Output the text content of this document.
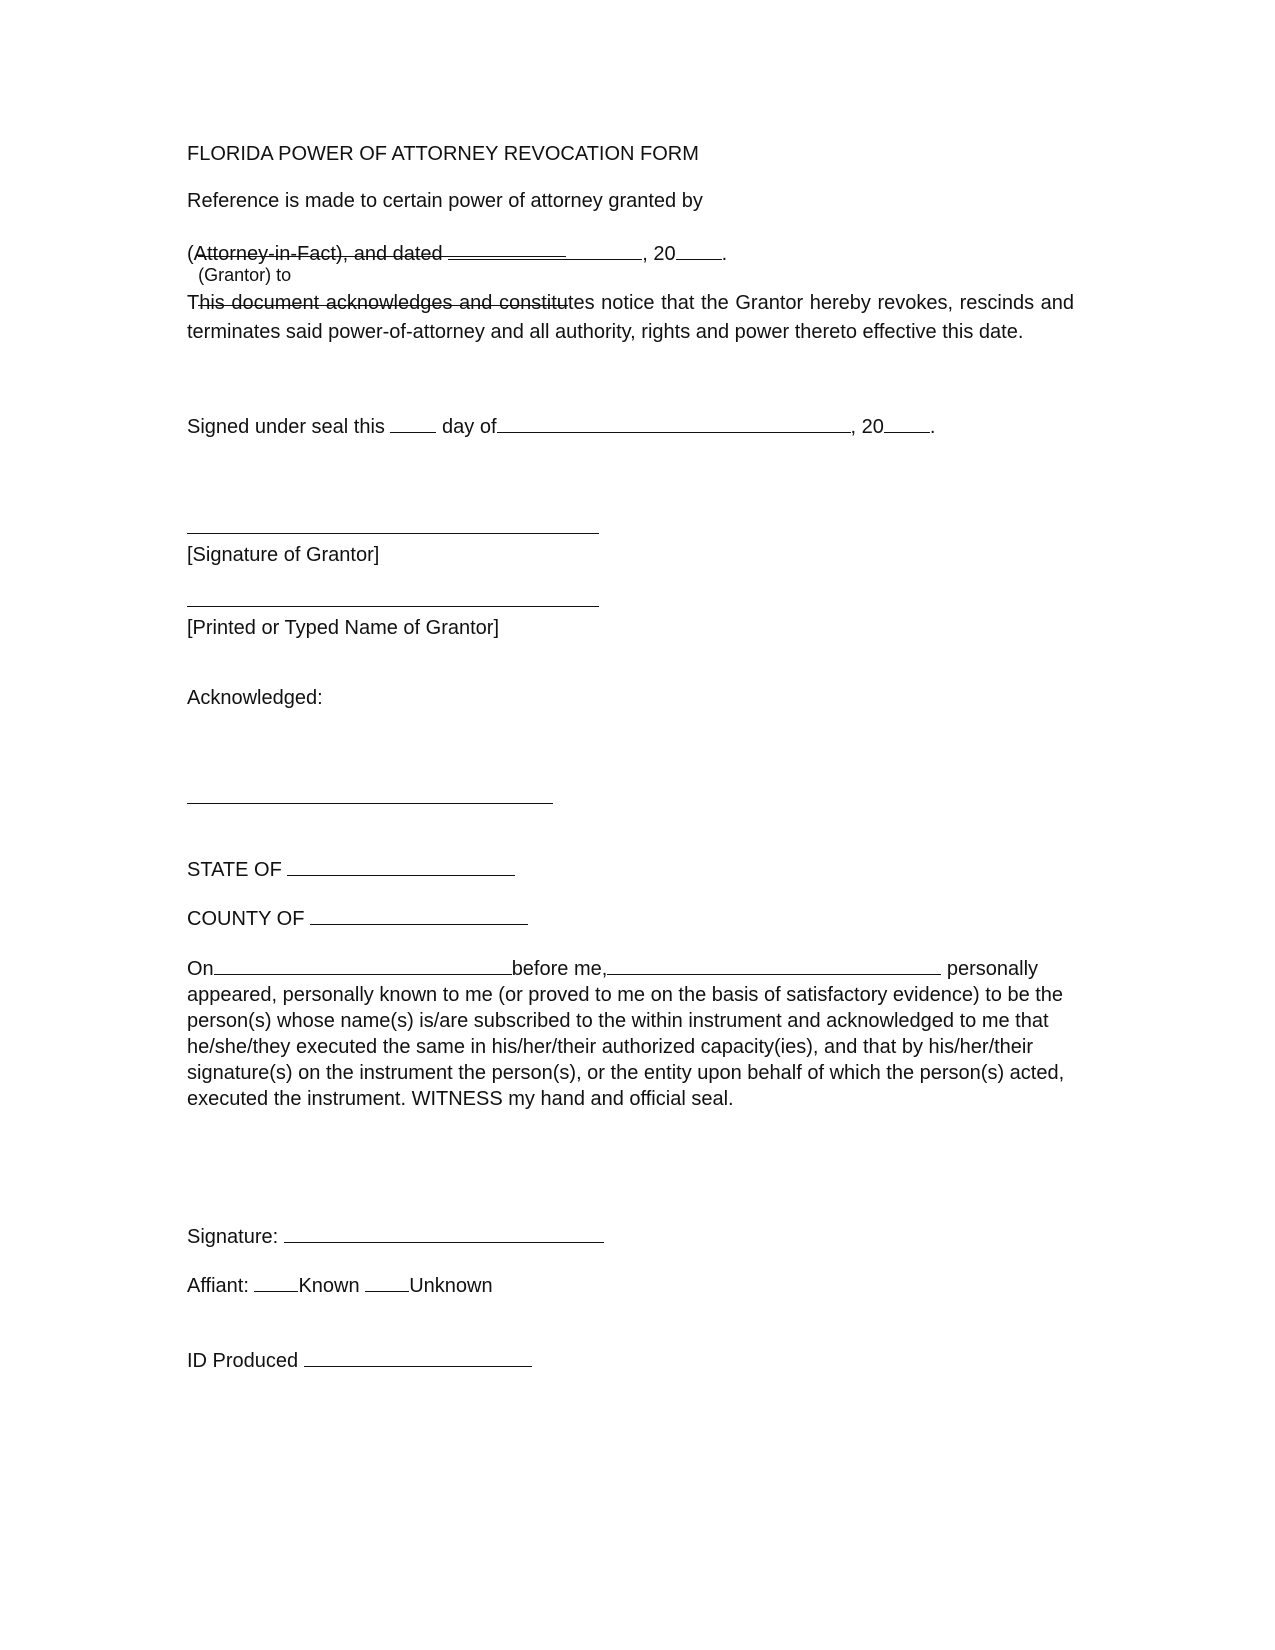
FLORIDA POWER OF ATTORNEY REVOCATION FORM
Reference is made to certain power of attorney granted by

(Grantor) to

(Attorney-in-Fact), and dated	, 20 .
This document acknowledges and constitutes notice that the Grantor hereby revokes, rescinds and terminates said power-of-attorney and all authority, rights and power thereto effective this date.
Signed under seal this	day of	, 20 .
[Signature of Grantor]
[Printed or Typed Name of Grantor]
Acknowledged:
STATE OF
COUNTY OF
On	before me,	personally
appeared, personally known to me (or proved to me on the basis of satisfactory evidence) to be the person(s) whose name(s) is/are subscribed to the within instrument and acknowledged to me that he/she/they executed the same in his/her/their authorized capacity(ies), and that by his/her/their signature(s) on the instrument the person(s), or the entity upon behalf of which the person(s) acted, executed the instrument. WITNESS my hand and official seal.
Signature:
Affiant: Known Unknown
ID Produced
